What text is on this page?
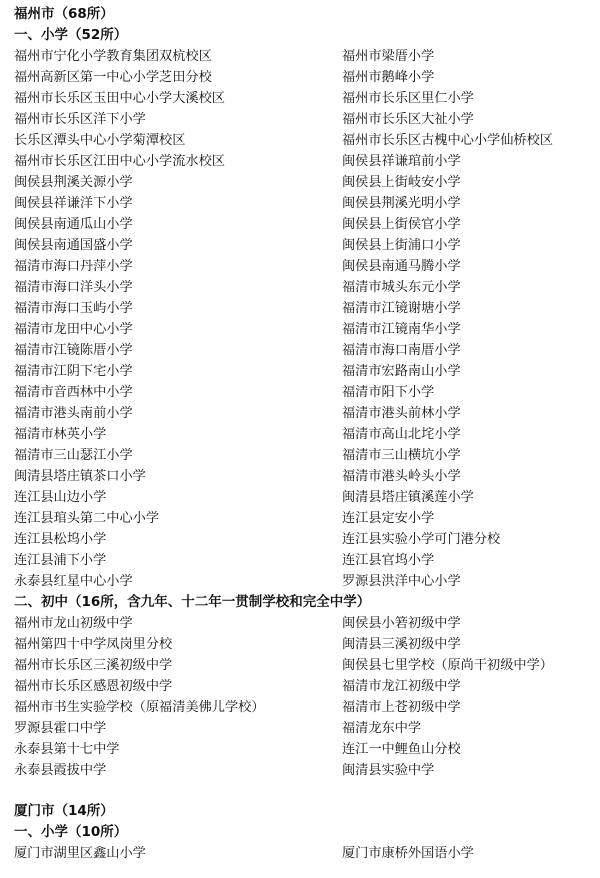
福州市（68所）
一、小学（52所）
福州市宁化小学教育集团双杭校区	福州市梁厝小学
福州高新区第一中心小学芝田分校	福州市鹅峰小学
福州市长乐区玉田中心小学大溪校区	福州市长乐区里仁小学
福州市长乐区洋下小学	福州市长乐区大祉小学
长乐区潭头中心小学菊潭校区	福州市长乐区古槐中心小学仙桥校区
福州市长乐区江田中心小学流水校区	闽侯县祥谦琯前小学
闽侯县荆溪关源小学	闽侯县上街岐安小学
闽侯县祥谦洋下小学	闽侯县荆溪光明小学
闽侯县南通瓜山小学	闽侯县上街侯官小学
闽侯县南通国盛小学	闽侯县上街浦口小学
福清市海口丹萍小学	闽侯县南通马腾小学
福清市海口洋头小学	福清市城头东元小学
福清市海口玉屿小学	福清市江镜谢塘小学
福清市龙田中心小学	福清市江镜南华小学
福清市江镜陈厝小学	福清市海口南厝小学
福清市江阴下宅小学	福清市宏路南山小学
福清市音西林中小学	福清市阳下小学
福清市港头南前小学	福清市港头前林小学
福清市林英小学	福清市高山北垞小学
福清市三山瑟江小学	福清市三山横坑小学
闽清县塔庄镇茶口小学	福清市港头岭头小学
连江县山边小学	闽清县塔庄镇溪莲小学
连江县琯头第二中心小学	连江县定安小学
连江县松坞小学	连江县实验小学可门港分校
连江县浦下小学	连江县官坞小学
永泰县红星中心小学	罗源县洪洋中心小学
二、初中（16所，含九年、十二年一贯制学校和完全中学）
福州市龙山初级中学	闽侯县小箬初级中学
福州第四十中学凤岗里分校	闽清县三溪初级中学
福州市长乐区三溪初级中学	闽侯县七里学校（原尚干初级中学）
福州市长乐区感恩初级中学	福清市龙江初级中学
福州市书生实验学校（原福清美佛儿学校）	福清市上苍初级中学
罗源县霍口中学	福清龙东中学
永泰县第十七中学	连江一中鲤鱼山分校
永泰县霞拔中学	闽清县实验中学
厦门市（14所）
一、小学（10所）
厦门市湖里区鑫山小学	厦门市康桥外国语小学
